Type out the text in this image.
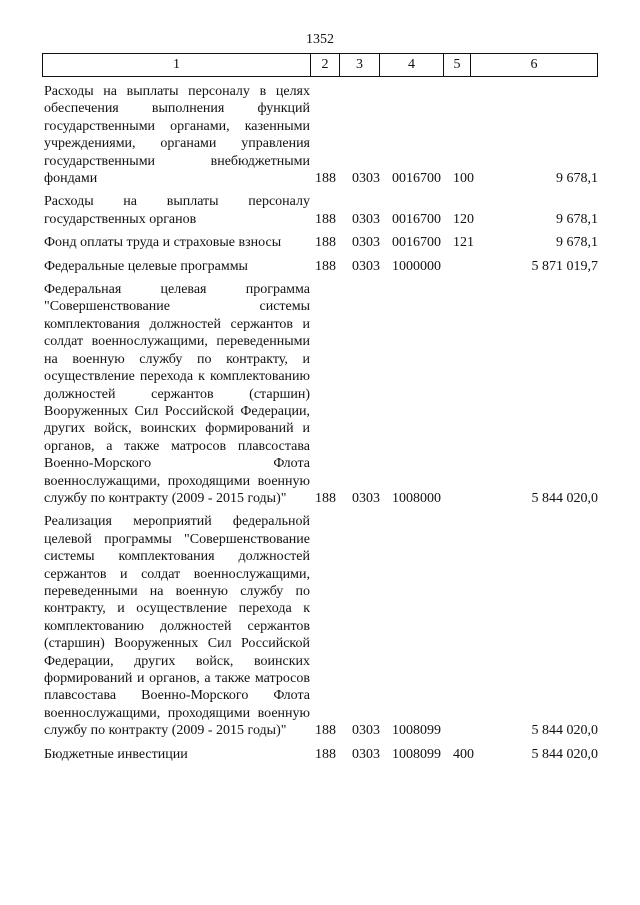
1352
1	2	3	4	5	6
Расходы на выплаты персоналу в целях обеспечения выполнения функций государственными органами, казенными учреждениями, органами управления государственными внебюджетными фондами	188 0303 0016700 100	9 678,1
Расходы на выплаты персоналу государственных органов	188 0303 0016700 120	9 678,1
Фонд оплаты труда и страховые взносы	188 0303 0016700 121	9 678,1
Федеральные целевые программы	188 0303 1000000	5 871 019,7
Федеральная целевая программа "Совершенствование системы комплектования должностей сержантов и солдат военнослужащими, переведенными на военную службу по контракту, и осуществление перехода к комплектованию должностей сержантов (старшин) Вооруженных Сил Российской Федерации, других войск, воинских формирований и органов, а также матросов плавсостава Военно-Морского Флота военнослужащими, проходящими военную службу по контракту (2009 - 2015 годы)"	188 0303 1008000	5 844 020,0
Реализация мероприятий федеральной целевой программы "Совершенствование системы комплектования должностей сержантов и солдат военнослужащими, переведенными на военную службу по контракту, и осуществление перехода к комплектованию должностей сержантов (старшин) Вооруженных Сил Российской Федерации, других войск, воинских формирований и органов, а также матросов плавсостава Военно-Морского Флота военнослужащими, проходящими военную службу по контракту (2009 - 2015 годы)"	188 0303 1008099	5 844 020,0
Бюджетные инвестиции	188 0303 1008099 400	5 844 020,0
